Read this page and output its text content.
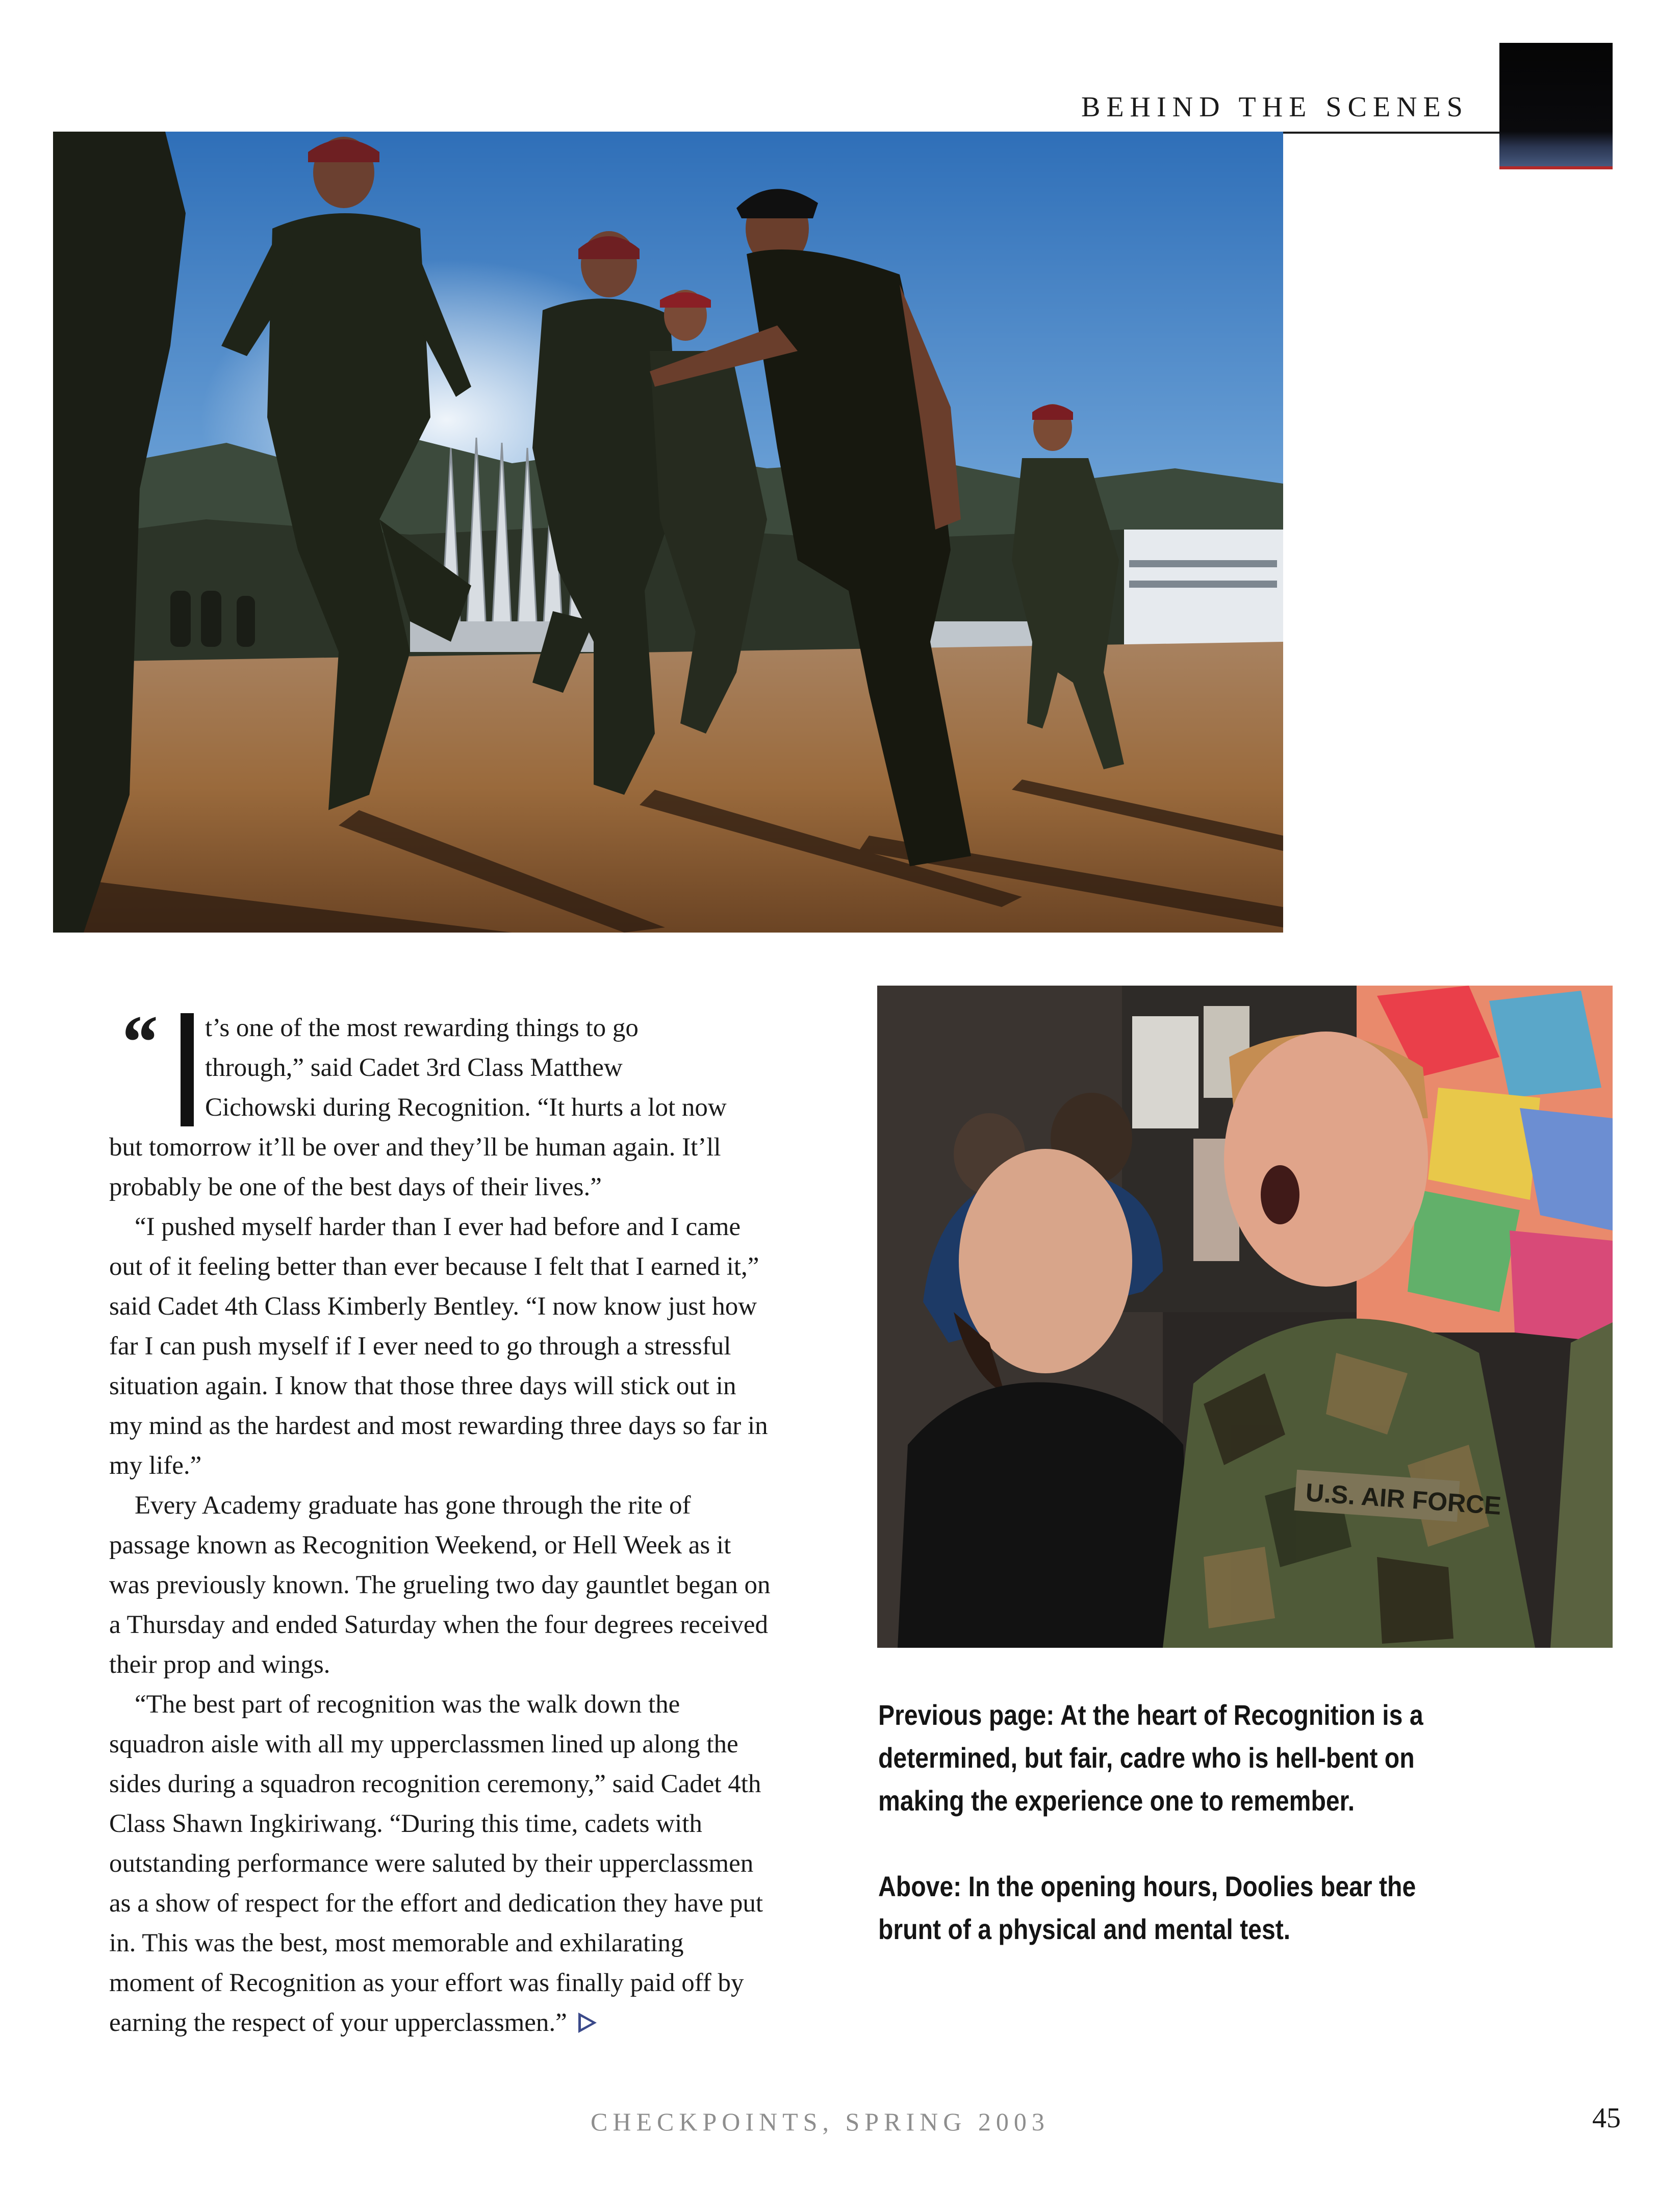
BEHIND THE SCENES
U.S. AIR FORCE
“ t’s one of the most rewarding things to go
through,” said Cadet 3rd Class Matthew
Cichowski during Recognition. “It hurts a lot now

but tomorrow it’ll be over and they’ll be human again. It’ll probably be one of the best days of their lives.”

“I pushed myself harder than I ever had before and I came out of it feeling better than ever because I felt that I earned it,” said Cadet 4th Class Kimberly Bentley. “I now know just how far I can push myself if I ever need to go through a stressful situation again. I know that those three days will stick out in my mind as the hardest and most rewarding three days so far in my life.”

Every Academy graduate has gone through the rite of passage known as Recognition Weekend, or Hell Week as it was previously known. The grueling two day gauntlet began on a Thursday and ended Saturday when the four degrees received their prop and wings.

“The best part of recognition was the walk down the squadron aisle with all my upperclassmen lined up along the sides during a squadron recognition ceremony,” said Cadet 4th Class Shawn Ingkiriwang. “During this time, cadets with outstanding performance were saluted by their upperclassmen as a show of respect for the effort and dedication they have put in. This was the best, most memorable and exhilarating moment of Recognition as your effort was finally paid off by earning the respect of your upperclassmen.”

Previous page: At the heart of Recognition is a determined, but fair, cadre who is hell-bent on making the experience one to remember.

Above: In the opening hours, Doolies bear the brunt of a physical and mental test.

CHECKPOINTS, SPRING 2003	45
